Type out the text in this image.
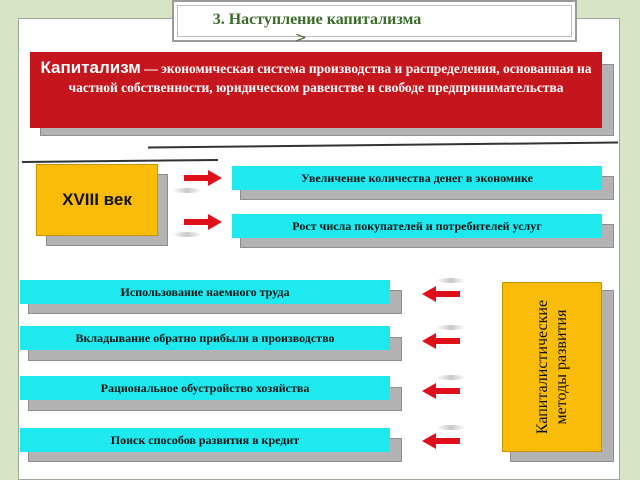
3. Наступление капитализма
>
Капитализм — экономическая система производства и распределения, основанная на частной собственности, юридическом равенстве и свободе предпринимательства
XVIII век
Увеличение количества денег в экономике
Рост числа покупателей и потребителей услуг
Капиталистические методы развития
Использование наемного труда
Вкладывание обратно прибыли в производство
Рациональное обустройство хозяйства
Поиск способов развития в кредит
